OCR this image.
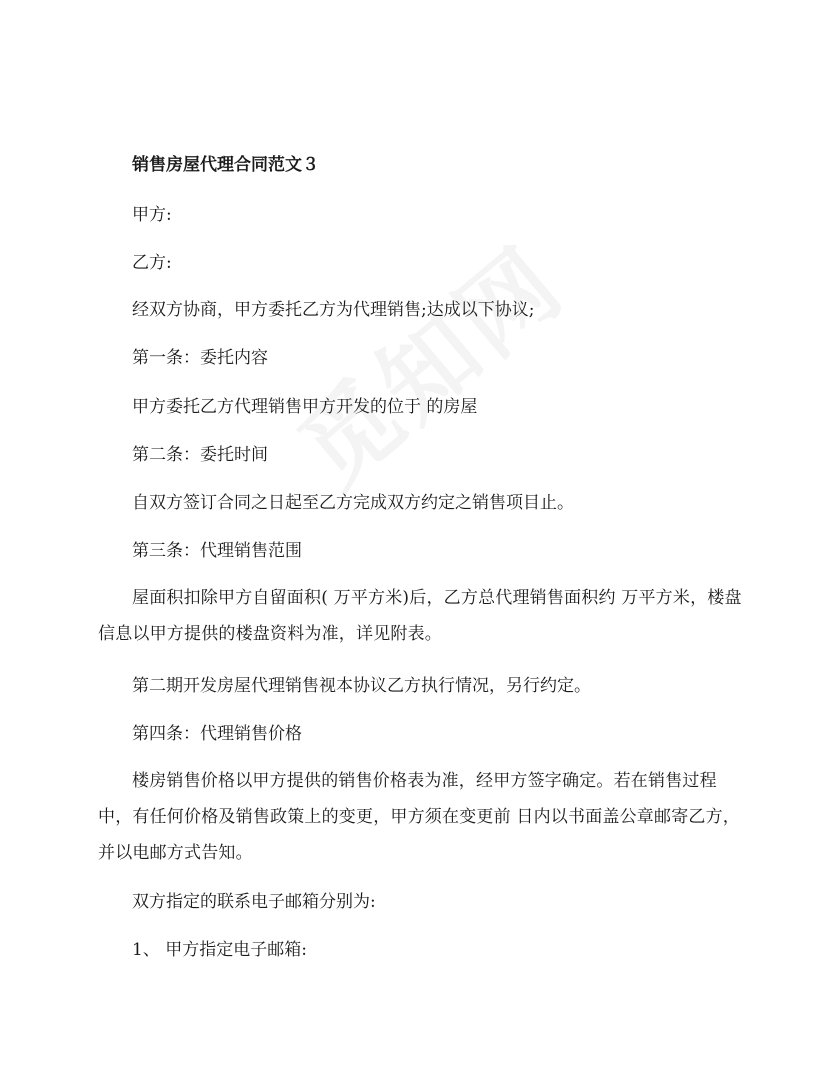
销售房屋代理合同范文３
甲方:
乙方:
经双方协商，甲方委托乙方为代理销售;达成以下协议;
第一条：委托内容
甲方委托乙方代理销售甲方开发的位于 的房屋
第二条：委托时间
自双方签订合同之日起至乙方完成双方约定之销售项目止。
第三条：代理销售范围
屋面积扣除甲方自留面积( 万平方米)后，乙方总代理销售面积约 万平方米，楼盘信息以甲方提供的楼盘资料为准，详见附表。
第二期开发房屋代理销售视本协议乙方执行情况，另行约定。
第四条：代理销售价格
楼房销售价格以甲方提供的销售价格表为准，经甲方签字确定。若在销售过程中，有任何价格及销售政策上的变更，甲方须在变更前 日内以书面盖公章邮寄乙方，并以电邮方式告知。
双方指定的联系电子邮箱分别为:
1、 甲方指定电子邮箱:
